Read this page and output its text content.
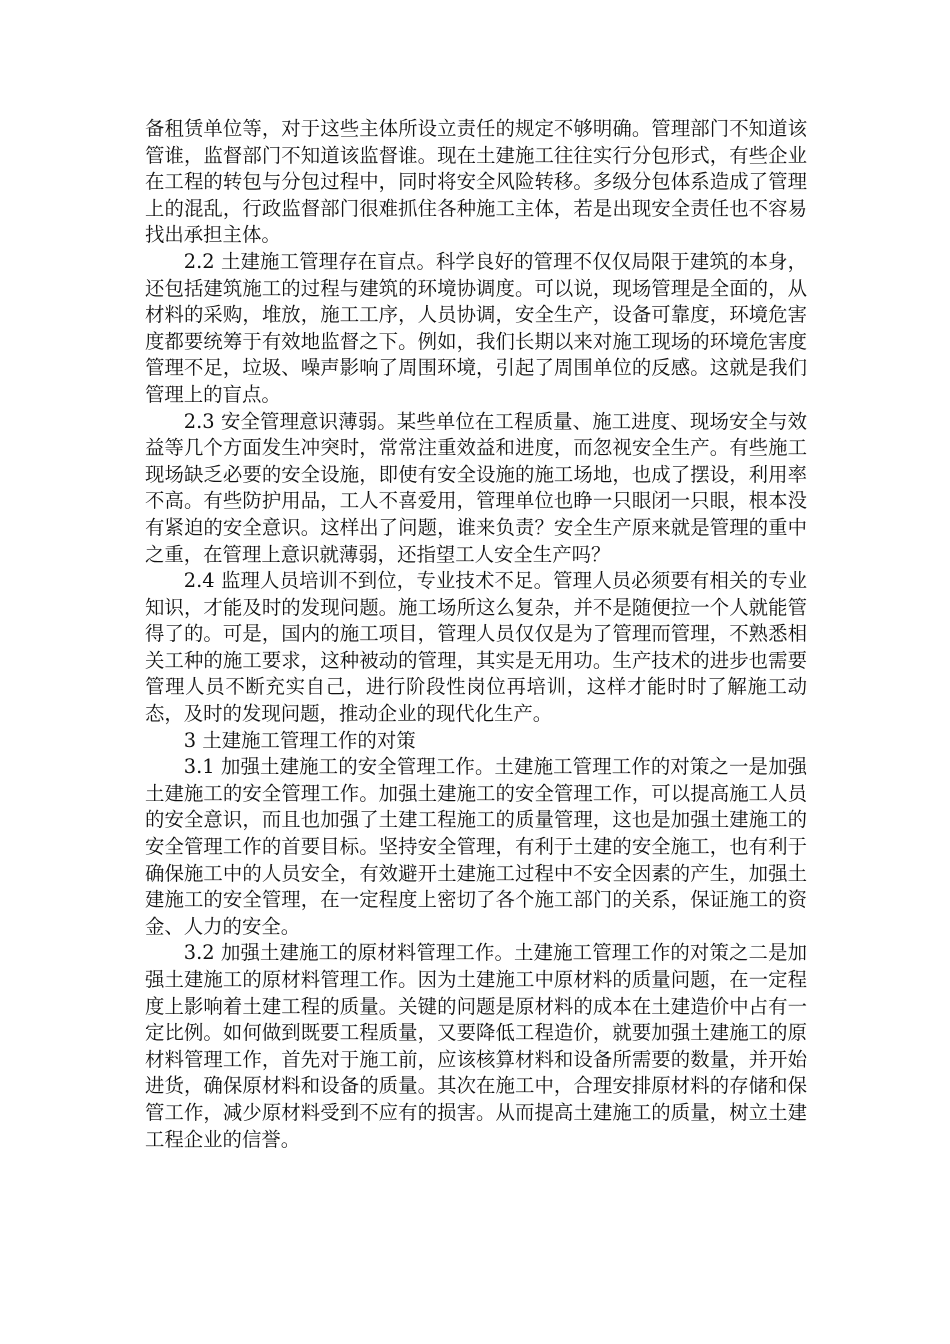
备租赁单位等，对于这些主体所设立责任的规定不够明确。管理部门不知道该管谁，监督部门不知道该监督谁。现在土建施工往往实行分包形式，有些企业在工程的转包与分包过程中，同时将安全风险转移。多级分包体系造成了管理上的混乱，行政监督部门很难抓住各种施工主体，若是出现安全责任也不容易找出承担主体。

2.2 土建施工管理存在盲点。科学良好的管理不仅仅局限于建筑的本身，还包括建筑施工的过程与建筑的环境协调度。可以说，现场管理是全面的，从材料的采购，堆放，施工工序，人员协调，安全生产，设备可靠度，环境危害度都要统筹于有效地监督之下。例如，我们长期以来对施工现场的环境危害度管理不足，垃圾、噪声影响了周围环境，引起了周围单位的反感。这就是我们管理上的盲点。

2.3 安全管理意识薄弱。某些单位在工程质量、施工进度、现场安全与效益等几个方面发生冲突时，常常注重效益和进度，而忽视安全生产。有些施工现场缺乏必要的安全设施，即使有安全设施的施工场地，也成了摆设，利用率不高。有些防护用品，工人不喜爱用，管理单位也睁一只眼闭一只眼，根本没有紧迫的安全意识。这样出了问题，谁来负责？安全生产原来就是管理的重中之重，在管理上意识就薄弱，还指望工人安全生产吗？

2.4 监理人员培训不到位，专业技术不足。管理人员必须要有相关的专业知识，才能及时的发现问题。施工场所这么复杂，并不是随便拉一个人就能管得了的。可是，国内的施工项目，管理人员仅仅是为了管理而管理，不熟悉相关工种的施工要求，这种被动的管理，其实是无用功。生产技术的进步也需要管理人员不断充实自己，进行阶段性岗位再培训，这样才能时时了解施工动态，及时的发现问题，推动企业的现代化生产。

3 土建施工管理工作的对策

3.1 加强土建施工的安全管理工作。土建施工管理工作的对策之一是加强土建施工的安全管理工作。加强土建施工的安全管理工作，可以提高施工人员的安全意识，而且也加强了土建工程施工的质量管理，这也是加强土建施工的安全管理工作的首要目标。坚持安全管理，有利于土建的安全施工，也有利于确保施工中的人员安全，有效避开土建施工过程中不安全因素的产生，加强土建施工的安全管理，在一定程度上密切了各个施工部门的关系，保证施工的资金、人力的安全。

3.2 加强土建施工的原材料管理工作。土建施工管理工作的对策之二是加强土建施工的原材料管理工作。因为土建施工中原材料的质量问题，在一定程度上影响着土建工程的质量。关键的问题是原材料的成本在土建造价中占有一定比例。如何做到既要工程质量，又要降低工程造价，就要加强土建施工的原材料管理工作，首先对于施工前，应该核算材料和设备所需要的数量，并开始进货，确保原材料和设备的质量。其次在施工中，合理安排原材料的存储和保管工作，减少原材料受到不应有的损害。从而提高土建施工的质量，树立土建工程企业的信誉。
